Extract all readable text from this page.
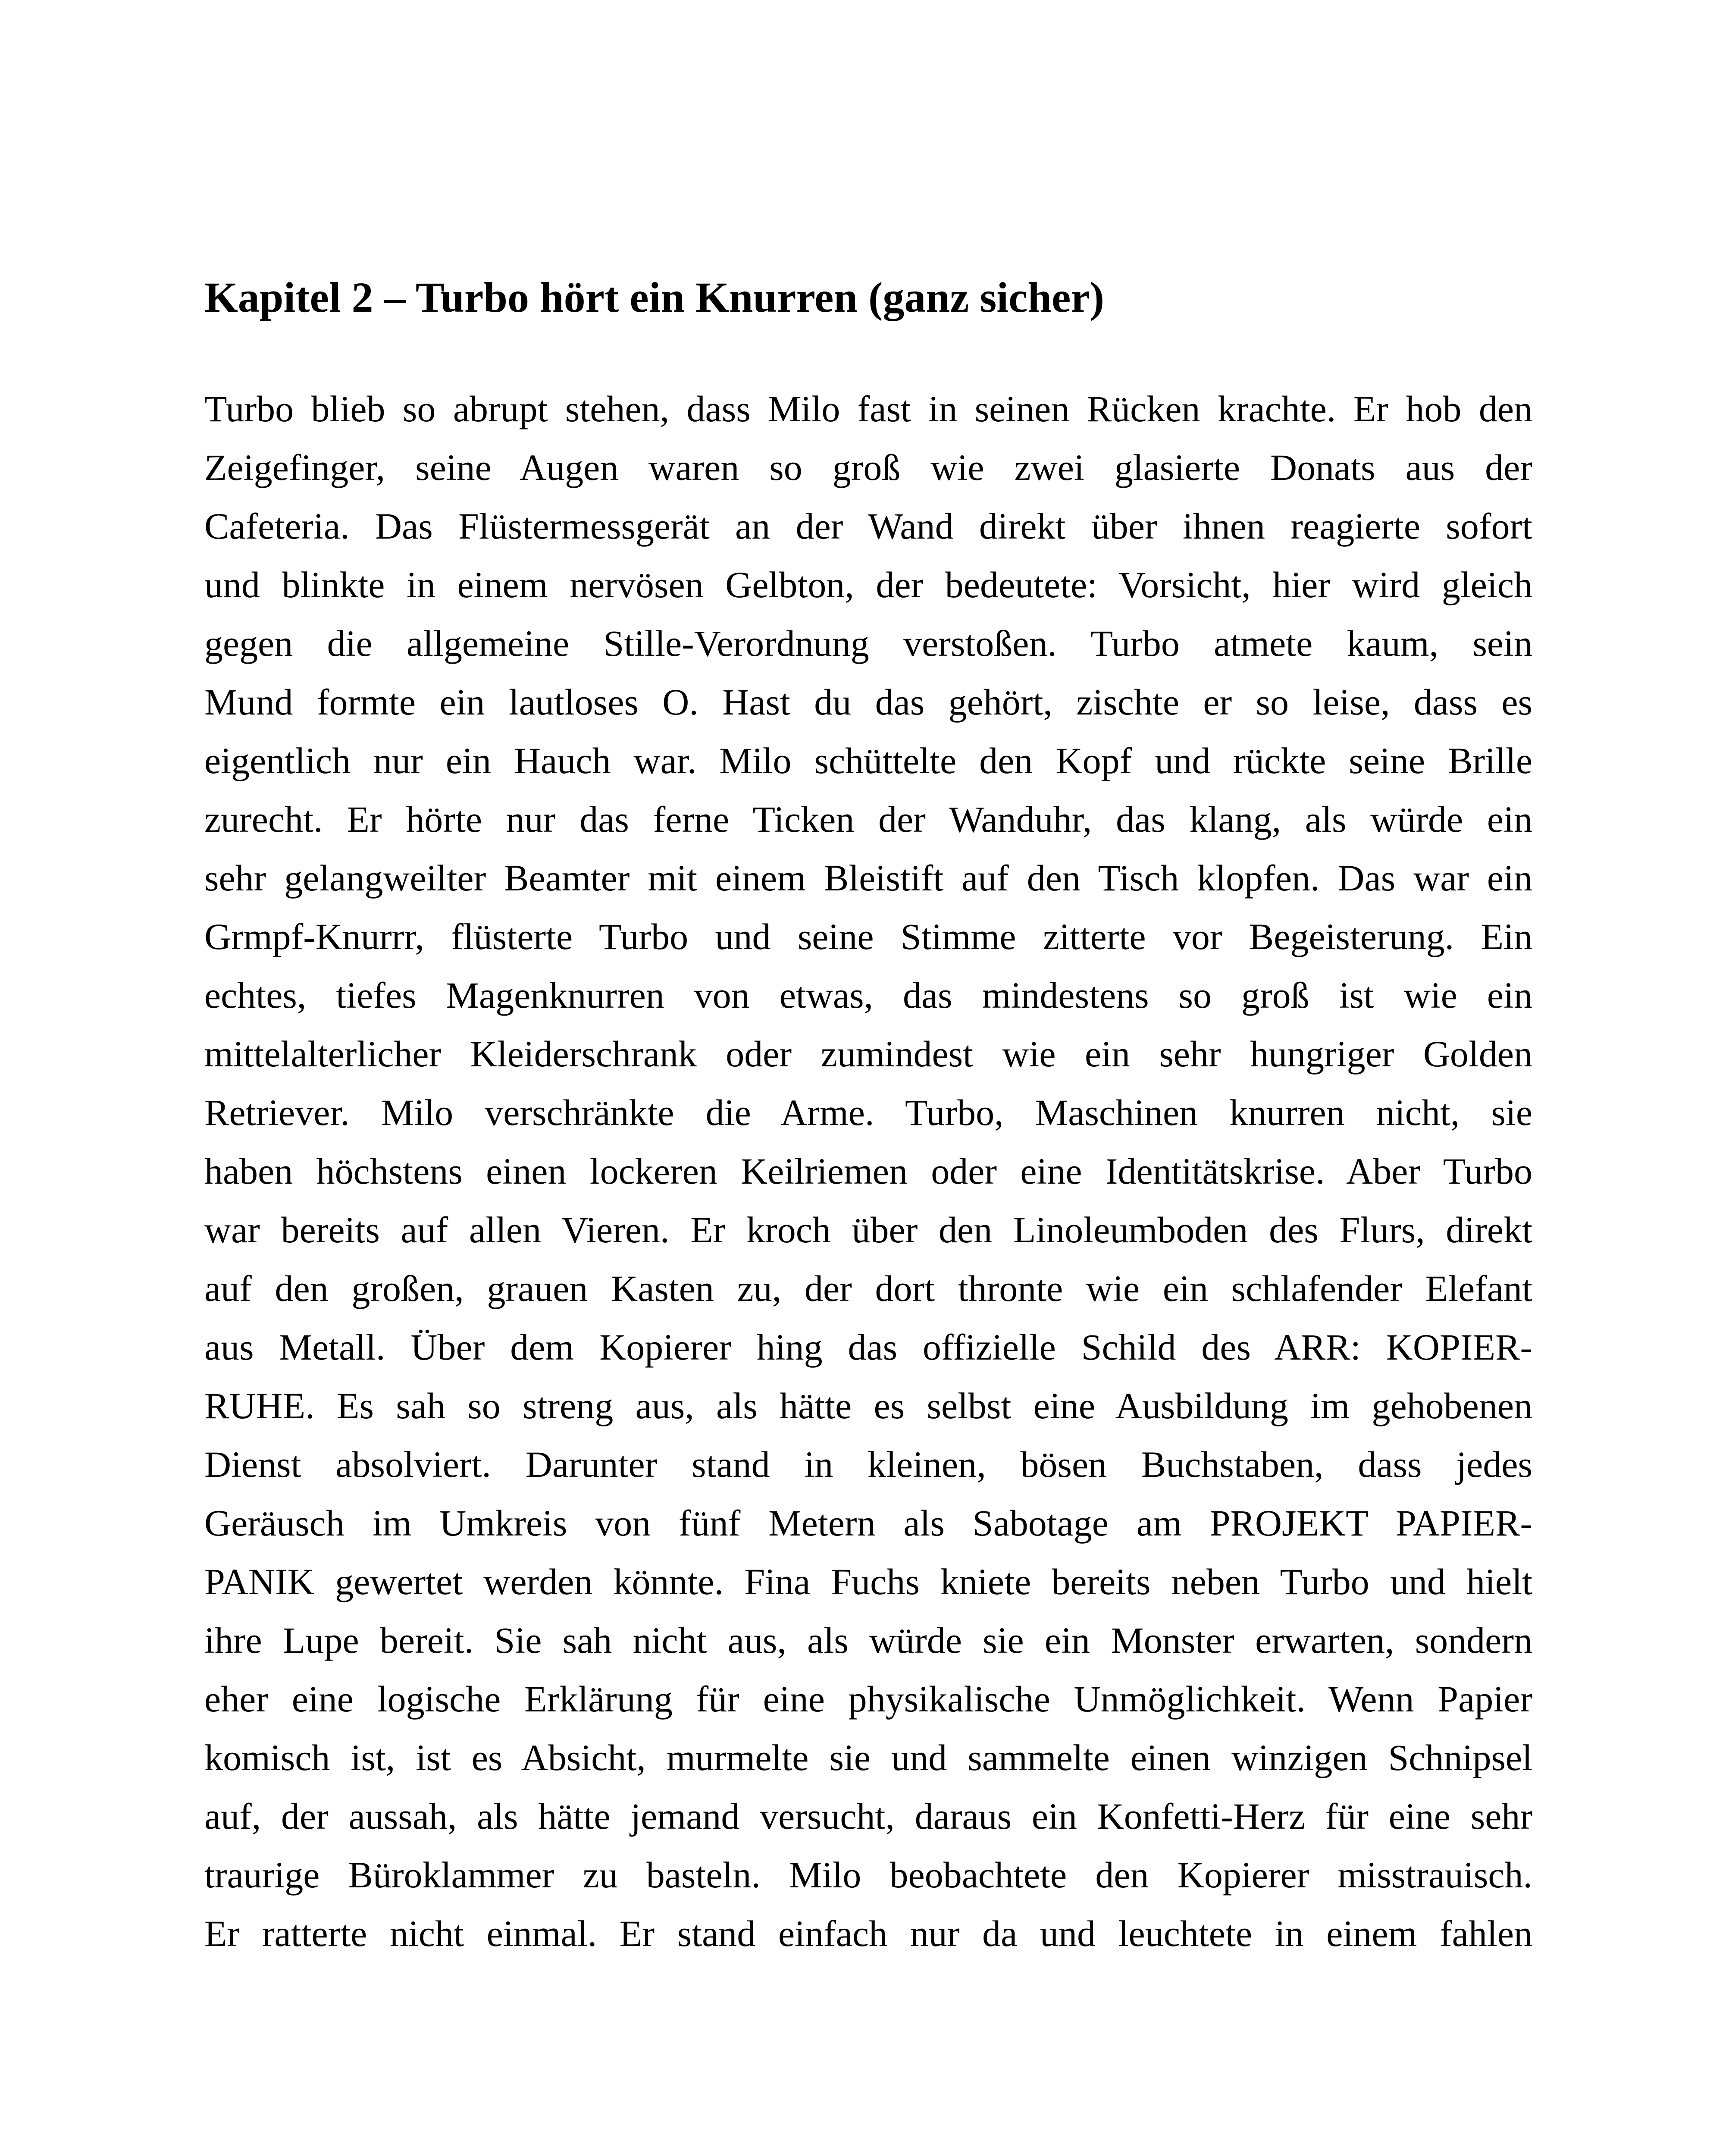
Kapitel 2 – Turbo hört ein Knurren (ganz sicher)
Turbo blieb so abrupt stehen, dass Milo fast in seinen Rücken krachte. Er hob den
Zeigefinger, seine Augen waren so groß wie zwei glasierte Donats aus der
Cafeteria. Das Flüstermessgerät an der Wand direkt über ihnen reagierte sofort
und blinkte in einem nervösen Gelbton, der bedeutete: Vorsicht, hier wird gleich
gegen die allgemeine Stille-Verordnung verstoßen. Turbo atmete kaum, sein
Mund formte ein lautloses O. Hast du das gehört, zischte er so leise, dass es
eigentlich nur ein Hauch war. Milo schüttelte den Kopf und rückte seine Brille
zurecht. Er hörte nur das ferne Ticken der Wanduhr, das klang, als würde ein
sehr gelangweilter Beamter mit einem Bleistift auf den Tisch klopfen. Das war ein
Grmpf-Knurrr, flüsterte Turbo und seine Stimme zitterte vor Begeisterung. Ein
echtes, tiefes Magenknurren von etwas, das mindestens so groß ist wie ein
mittelalterlicher Kleiderschrank oder zumindest wie ein sehr hungriger Golden
Retriever. Milo verschränkte die Arme. Turbo, Maschinen knurren nicht, sie
haben höchstens einen lockeren Keilriemen oder eine Identitätskrise. Aber Turbo
war bereits auf allen Vieren. Er kroch über den Linoleumboden des Flurs, direkt
auf den großen, grauen Kasten zu, der dort thronte wie ein schlafender Elefant
aus Metall. Über dem Kopierer hing das offizielle Schild des ARR: KOPIER-
RUHE. Es sah so streng aus, als hätte es selbst eine Ausbildung im gehobenen
Dienst absolviert. Darunter stand in kleinen, bösen Buchstaben, dass jedes
Geräusch im Umkreis von fünf Metern als Sabotage am PROJEKT PAPIER-
PANIK gewertet werden könnte. Fina Fuchs kniete bereits neben Turbo und hielt
ihre Lupe bereit. Sie sah nicht aus, als würde sie ein Monster erwarten, sondern
eher eine logische Erklärung für eine physikalische Unmöglichkeit. Wenn Papier
komisch ist, ist es Absicht, murmelte sie und sammelte einen winzigen Schnipsel
auf, der aussah, als hätte jemand versucht, daraus ein Konfetti-Herz für eine sehr
traurige Büroklammer zu basteln. Milo beobachtete den Kopierer misstrauisch.
Er ratterte nicht einmal. Er stand einfach nur da und leuchtete in einem fahlen
